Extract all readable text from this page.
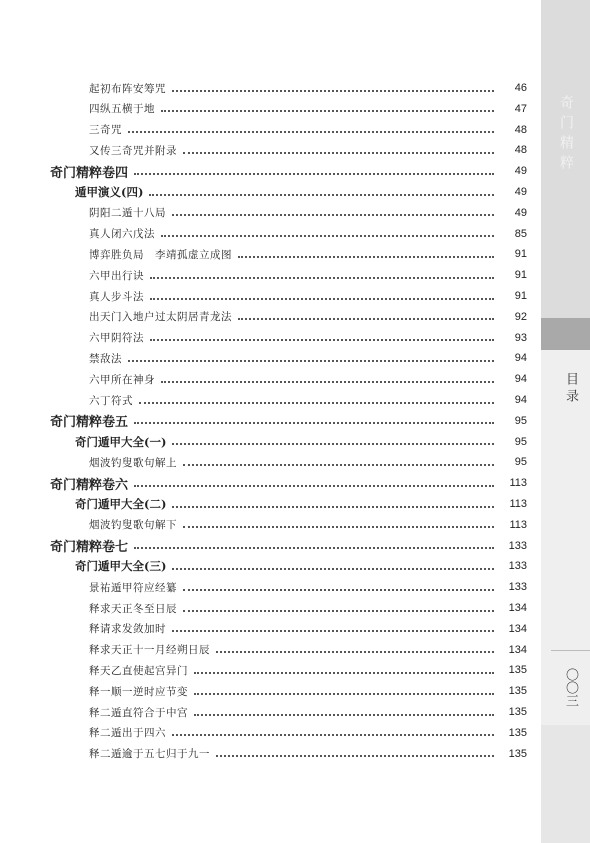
起初布阵安筹咒	46
四纵五横于地	47
三奇咒	48
又传三奇咒并附录	48
奇门精粹卷四	49
遁甲演义(四)	49
阴阳二遁十八局	49
真人闭六戊法	85
博弈胜负局　李靖孤虚立成图	91
六甲出行诀	91
真人步斗法	91
出天门入地户过太阴居青龙法	92
六甲阴符法	93
禁敌法	94
六甲所在神身	94
六丁符式	94
奇门精粹卷五	95
奇门遁甲大全(一)	95
烟波钓叟歌句解上	95
奇门精粹卷六	113
奇门遁甲大全(二)	113
烟波钓叟歌句解下	113
奇门精粹卷七	133
奇门遁甲大全(三)	133
景祐遁甲符应经纂	133
释求天正冬至日辰	134
释请求发敛加时	134
释求天正十一月经朔日辰	134
释天乙直使起宫异门	135
释一顺一逆时应节变	135
释二遁直符合于中宫	135
释二遁出于四六	135
释二遁逾于五七归于九一	135
奇门精粹
目录
〇〇三
